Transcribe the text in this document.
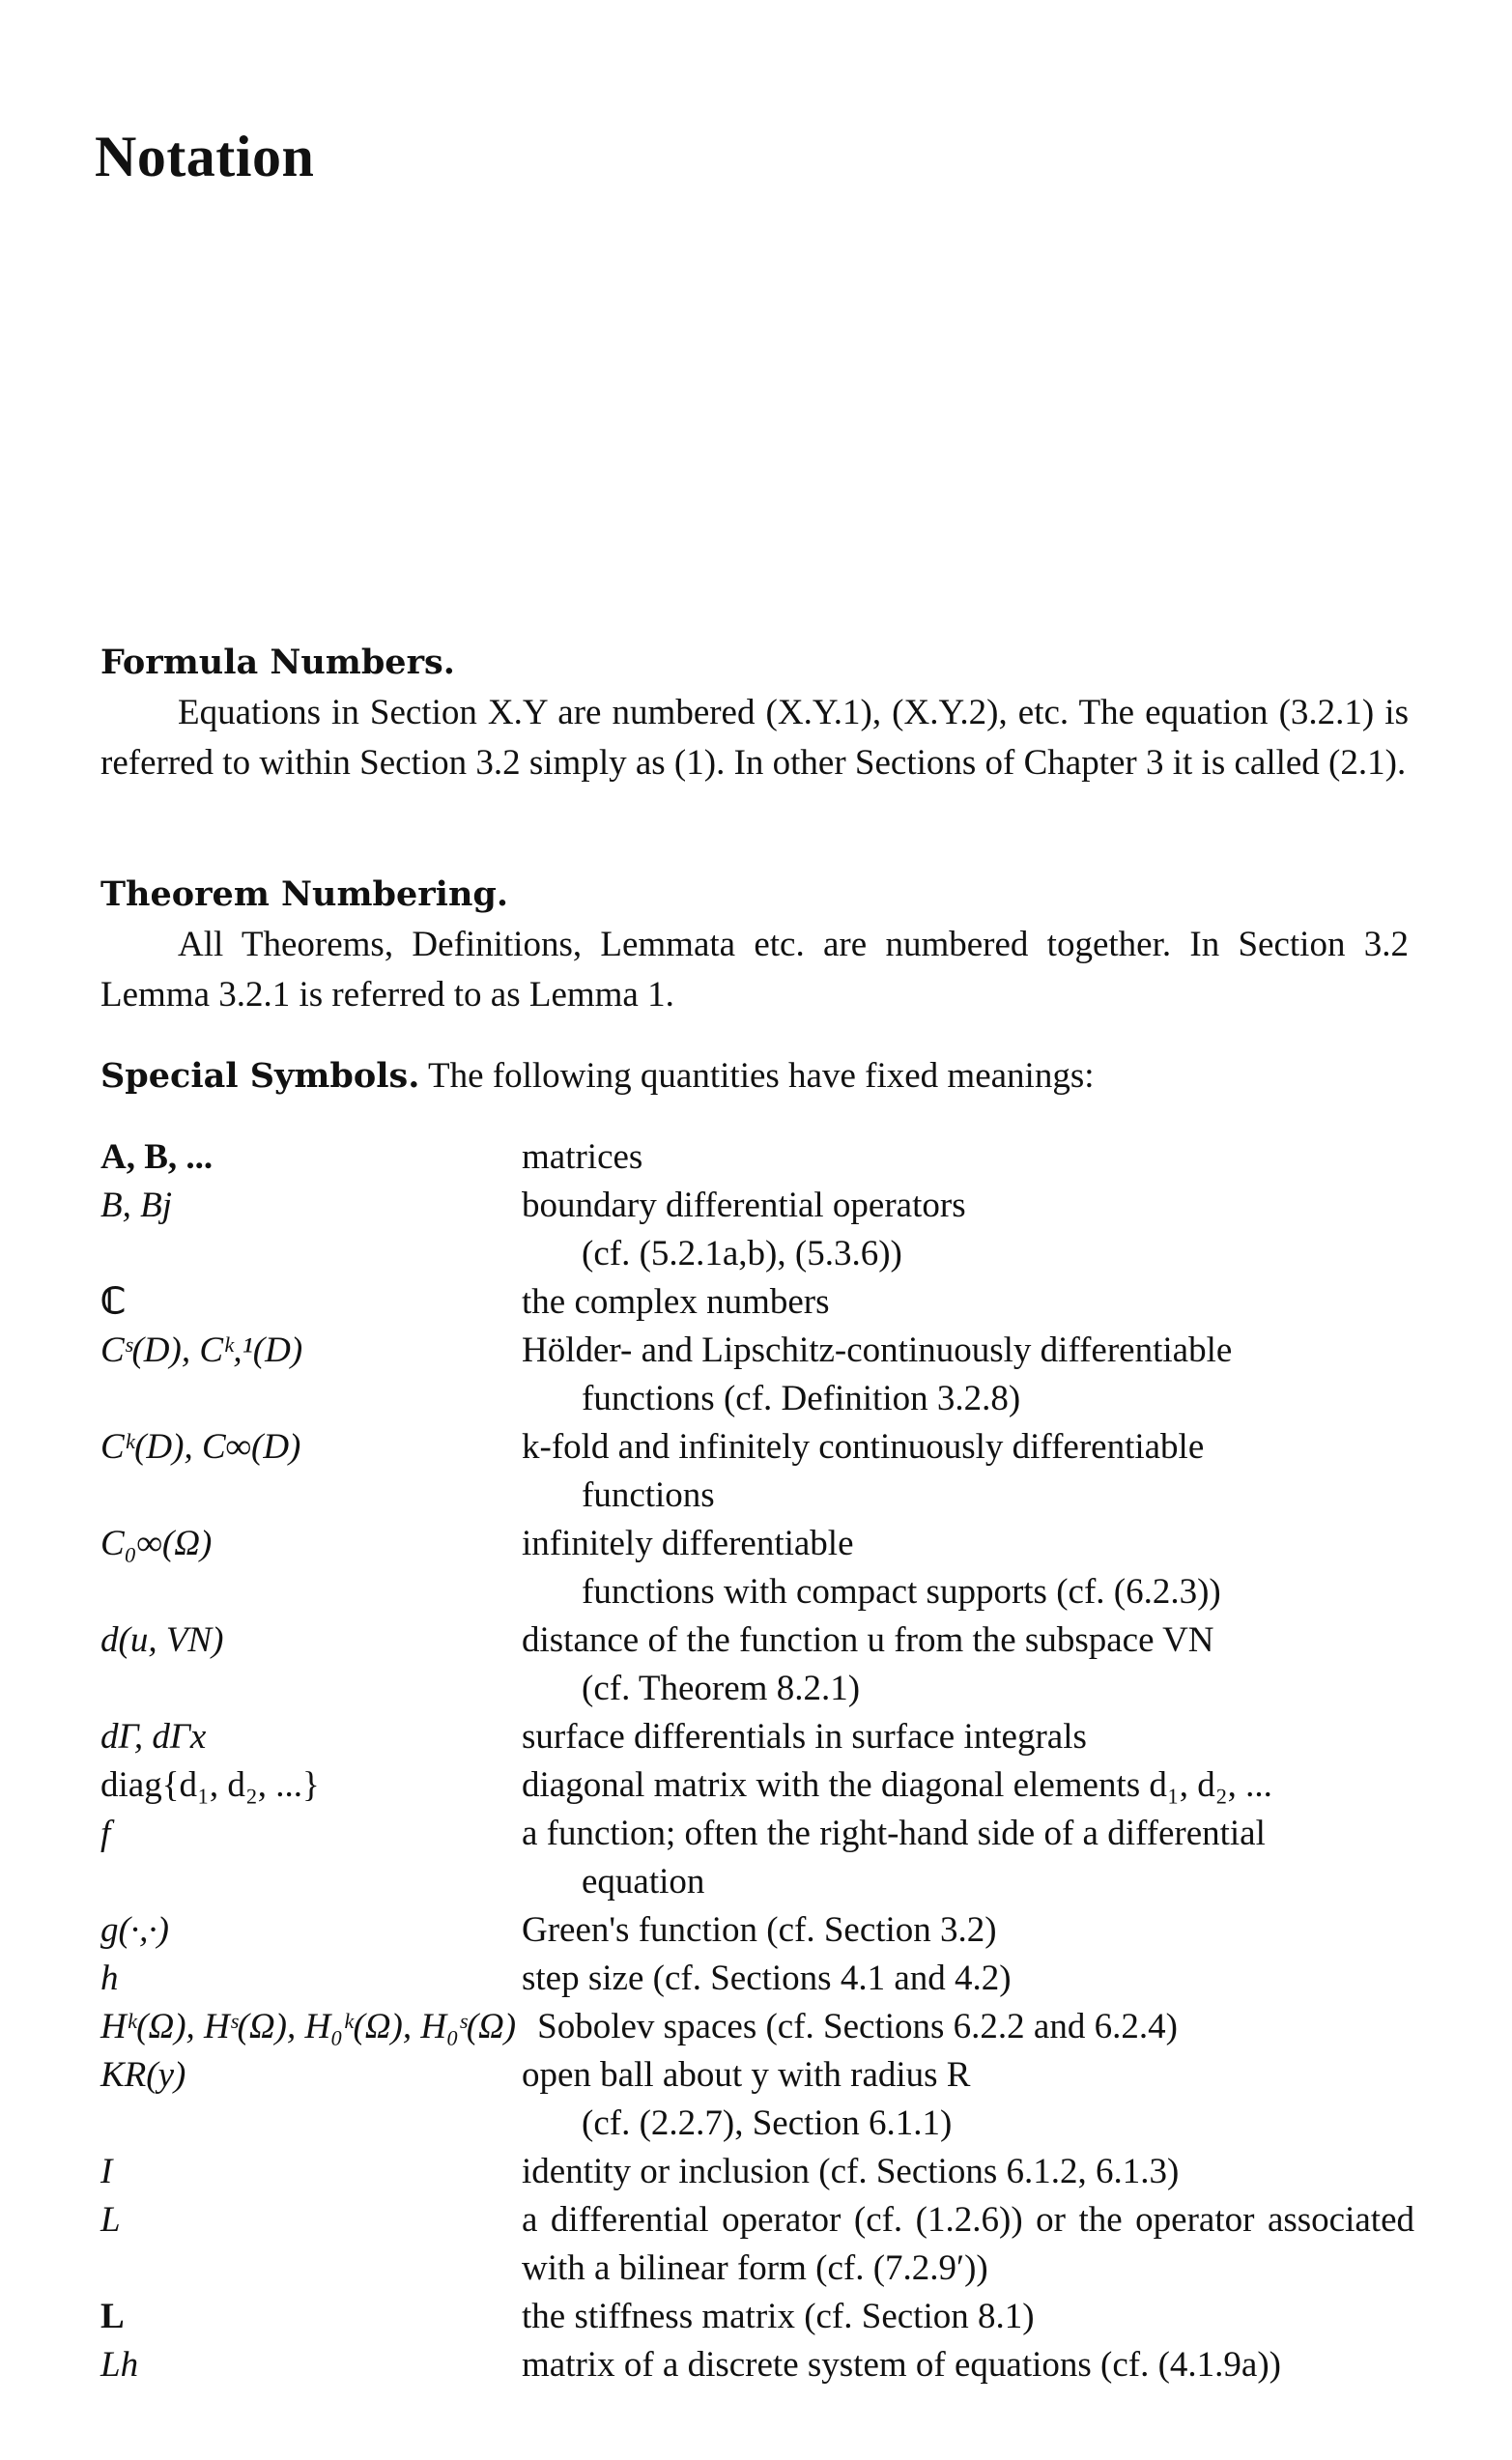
Notation
Formula Numbers.
Equations in Section X.Y are numbered (X.Y.1), (X.Y.2), etc. The equation (3.2.1) is referred to within Section 3.2 simply as (1). In other Sections of Chapter 3 it is called (2.1).
Theorem Numbering.
All Theorems, Definitions, Lemmata etc. are numbered together. In Section 3.2 Lemma 3.2.1 is referred to as Lemma 1.
Special Symbols. The following quantities have fixed meanings:
A, B, ...	matrices
B, Bj	boundary differential operators
(cf. (5.2.1a,b), (5.3.6))
ℂ	the complex numbers
Cˢ(D), Cᵏ,¹(D)	Hölder- and Lipschitz-continuously differentiable
functions (cf. Definition 3.2.8)
Cᵏ(D), C∞(D)	k-fold and infinitely continuously differentiable
functions
C₀∞(Ω)	infinitely differentiable
functions with compact supports (cf. (6.2.3))
d(u, VN)	distance of the function u from the subspace VN
(cf. Theorem 8.2.1)
dΓ, dΓx	surface differentials in surface integrals
diag{d₁, d₂, ...}	diagonal matrix with the diagonal elements d₁, d₂, ...
f	a function; often the right-hand side of a differential
equation
g(·,·)	Green's function (cf. Section 3.2)
h	step size (cf. Sections 4.1 and 4.2)
Hᵏ(Ω), Hˢ(Ω), H₀ᵏ(Ω), H₀ˢ(Ω) Sobolev spaces (cf. Sections 6.2.2 and 6.2.4)
KR(y)	open ball about y with radius R
(cf. (2.2.7), Section 6.1.1)
I	identity or inclusion (cf. Sections 6.1.2, 6.1.3)
L	a differential operator (cf. (1.2.6)) or the operator associated with a bilinear form (cf. (7.2.9′))
L	the stiffness matrix (cf. Section 8.1)
Lh	matrix of a discrete system of equations (cf. (4.1.9a))
